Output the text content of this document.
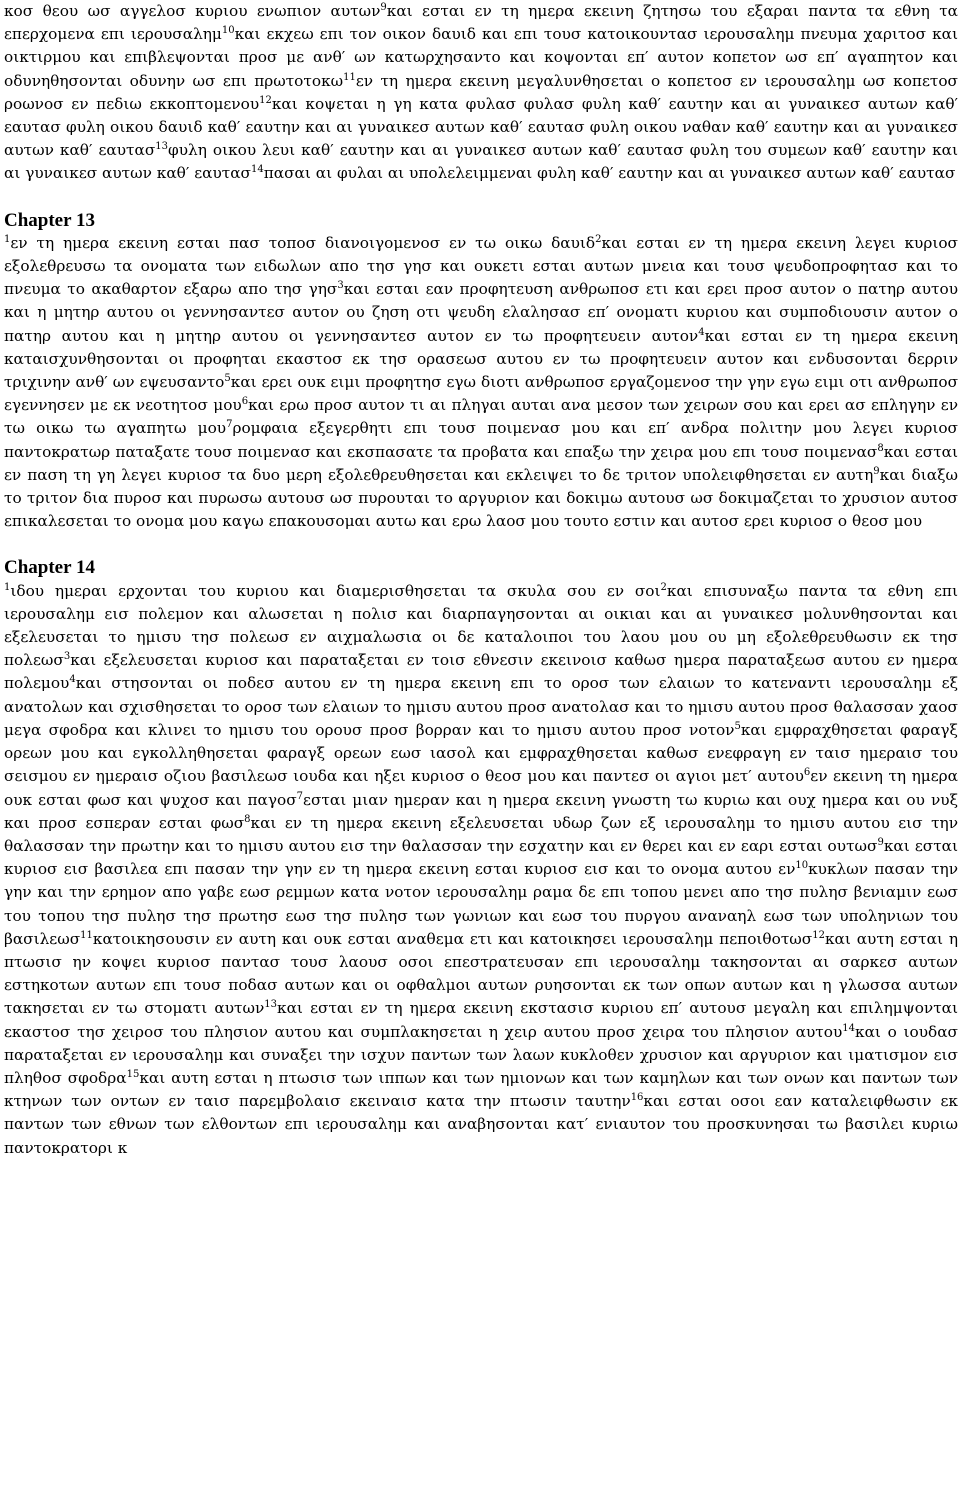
κοσ θεου ωσ αγγελοσ κυριου ενωπιον αυτων$^9$και εσται εν τη ημερα εκεινη ζητησω του εξαραι παντα τα εθνη τα επερχομενα επι ιερουσαλημ$^{10}$και εκχεω επι τον οικον δαυιδ και επι τουσ κατοικουντασ ιερουσαλημ πνευμα χαριτοσ και οικτιρμου και επιβλεψονται προσ με ανθ′ ων κατωρχησαντο και κοψονται επ′ αυτον κοπετον ωσ επ′ αγαπητον και οδυνηθησονται οδυνην ωσ επι πρωτοτοκω$^{11}$εν τη ημερα εκεινη μεγαλυνθησεται ο κοπετοσ εν ιερουσαλημ ωσ κοπετοσ ροωνοσ εν πεδιω εκκοπτομενου$^{12}$και κοψεται η γη κατα φυλασ φυλασ φυλη καθ′ εαυτην και αι γυναικεσ αυτων καθ′ εαυτασ φυλη οικου δαυιδ καθ′ εαυτην και αι γυναικεσ αυτων καθ′ εαυτασ φυλη οικου ναθαν καθ′ εαυτην και αι γυναικεσ αυτων καθ′ εαυτασ$^{13}$φυλη οικου λευι καθ′ εαυτην και αι γυναικεσ αυτων καθ′ εαυτασ φυλη του συμεων καθ′ εαυτην και αι γυναικεσ αυτων καθ′ εαυτασ$^{14}$πασαι αι φυλαι αι υπολελειμμεναι φυλη καθ′ εαυτην και αι γυναικεσ αυτων καθ′ εαυτασ

Chapter 13

$^1$εν τη ημερα εκεινη εσται πασ τοποσ διανοιγομενοσ εν τω οικω δαυιδ$^2$και εσται εν τη ημερα εκεινη λεγει κυριοσ εξολεθρευσω τα ονοματα των ειδωλων απο τησ γησ και ουκετι εσται αυτων μνεια και τουσ ψευδοπροφητασ και το πνευμα το ακαθαρτον εξαρω απο τησ γησ$^3$και εσται εαν προφητευση ανθρωποσ ετι και ερει προσ αυτον ο πατηρ αυτου και η μητηρ αυτου οι γεννησαντεσ αυτον ου ζηση οτι ψευδη ελαλησασ επ′ ονοματι κυριου και συμποδιουσιν αυτον ο πατηρ αυτου και η μητηρ αυτου οι γεννησαντεσ αυτον εν τω προφητευειν αυτον$^4$και εσται εν τη ημερα εκεινη καταισχυνθησονται οι προφηται εκαστοσ εκ τησ ορασεωσ αυτου εν τω προφητευειν αυτον και ενδυσονται δερριν τριχινην ανθ′ ων εψευσαντο$^5$και ερει ουκ ειμι προφητησ εγω διοτι ανθρωποσ εργαζομενοσ την γην εγω ειμι οτι ανθρωποσ εγεννησεν με εκ νεοτητοσ μου$^6$και ερω προσ αυτον τι αι πληγαι αυται ανα μεσον των χειρων σου και ερει ασ επληγην εν τω οικω τω αγαπητω μου$^7$ρομφαια εξεγερθητι επι τουσ ποιμενασ μου και επ′ ανδρα πολιτην μου λεγει κυριοσ παντοκρατωρ παταξατε τουσ ποιμενασ και εκσπασατε τα προβατα και επαξω την χειρα μου επι τουσ ποιμενασ$^8$και εσται εν παση τη γη λεγει κυριοσ τα δυο μερη εξολεθρευθησεται και εκλειψει το δε τριτον υπολειφθησεται εν αυτη$^9$και διαξω το τριτον δια πυροσ και πυρωσω αυτουσ ωσ πυρουται το αργυριον και δοκιμω αυτουσ ωσ δοκιμαζεται το χρυσιον αυτοσ επικαλεσεται το ονομα μου καγω επακουσομαι αυτω και ερω λαοσ μου τουτο εστιν και αυτοσ ερει κυριοσ ο θεοσ μου

Chapter 14

$^1$ιδου ημεραι ερχονται του κυριου και διαμερισθησεται τα σκυλα σου εν σοι$^2$και επισυναξω παντα τα εθνη επι ιερουσαλημ εισ πολεμον και αλωσεται η πολισ και διαρπαγησονται αι οικιαι και αι γυναικεσ μολυνθησονται και εξελευσεται το ημισυ τησ πολεωσ εν αιχμαλωσια οι δε καταλοιποι του λαου μου ου μη εξολεθρευθωσιν εκ τησ πολεωσ$^3$και εξελευσεται κυριοσ και παραταξεται εν τοισ εθνεσιν εκεινοισ καθωσ ημερα παραταξεωσ αυτου εν ημερα πολεμου$^4$και στησονται οι ποδεσ αυτου εν τη ημερα εκεινη επι το οροσ των ελαιων το κατεναντι ιερουσαλημ εξ ανατολων και σχισθησεται το οροσ των ελαιων το ημισυ αυτου προσ ανατολασ και το ημισυ αυτου προσ θαλασσαν χαοσ μεγα σφοδρα και κλινει το ημισυ του ορουσ προσ βορραν και το ημισυ αυτου προσ νοτον$^5$και εμφραχθησεται φαραγξ ορεων μου και εγκολληθησεται φαραγξ ορεων εωσ ιασολ και εμφραχθησεται καθωσ ενεφραγη εν ταισ ημεραισ του σεισμου εν ημεραισ οζιου βασιλεωσ ιουδα και ηξει κυριοσ ο θεοσ μου και παντεσ οι αγιοι μετ′ αυτου$^6$εν εκεινη τη ημερα ουκ εσται φωσ και ψυχοσ και παγοσ$^7$εσται μιαν ημεραν και η ημερα εκεινη γνωστη τω κυριω και ουχ ημερα και ου νυξ και προσ εσπεραν εσται φωσ$^8$και εν τη ημερα εκεινη εξελευσεται υδωρ ζων εξ ιερουσαλημ το ημισυ αυτου εισ την θαλασσαν την πρωτην και το ημισυ αυτου εισ την θαλασσαν την εσχατην και εν θερει και εν εαρι εσται ουτωσ$^9$και εσται κυριοσ εισ βασιλεα επι πασαν την γην εν τη ημερα εκεινη εσται κυριοσ εισ και το ονομα αυτου $\varepsilon\nu^{10}\kappa\upsilon\kappa\lambda\omega\nu$ πασαν την γην και την ερημον απο γαβε εωσ ρεμμων κατα νοτον ιερουσαλημ ραμα δε επι τοπου μενει απο τησ πυλησ βενιαμιν εωσ του τοπου τησ πυλησ τησ πρωτησ εωσ τησ πυλησ των γωνιων και εωσ του πυργου αναναηλ εωσ των υποληνιων του βασιλεωσ$^{11}$κατοικησουσιν εν αυτη και ουκ εσται αναθεμα ετι και κατοικησει ιερουσαλημ πεποιθοτωσ$^{12}$και αυτη εσται η πτωσισ ην κοψει κυριοσ παντασ τουσ λαουσ οσοι επεστρατευσαν επι ιερουσαλημ τακησονται αι σαρκεσ αυτων εστηκοτων αυτων επι τουσ ποδασ αυτων και οι οφθαλμοι αυτων ρυησονται εκ των οπων αυτων και η γλωσσα αυτων τακησεται εν τω στοματι αυτων$^{13}$και εσται εν τη ημερα εκεινη εκστασισ κυριου επ′ αυτουσ μεγαλη και επιλημψονται εκαστοσ τησ χειροσ του πλησιον αυτου και συμπλακησεται η χειρ αυτου προσ χειρα του πλησιον αυτου$^{14}$και ο ιουδασ παραταξεται εν ιερουσαλημ και συναξει την ισχυν παντων των λαων κυκλοθεν χρυσιον και αργυριον και ιματισμον εισ πληθοσ σφοδρα$^{15}$και αυτη εσται η πτωσισ των ιππων και των ημιονων και των καμηλων και των ονων και παντων των κτηνων των οντων εν ταισ παρεμβολαισ εκειναισ κατα την πτωσιν ταυτην$^{16}$και εσται οσοι εαν καταλειφθωσιν εκ παντων των εθνων των ελθοντων επι ιερουσαλημ και αναβησονται κατ′ ενιαυτον του προσκυνησαι τω βασιλει κυριω παντοκρατορι κ
